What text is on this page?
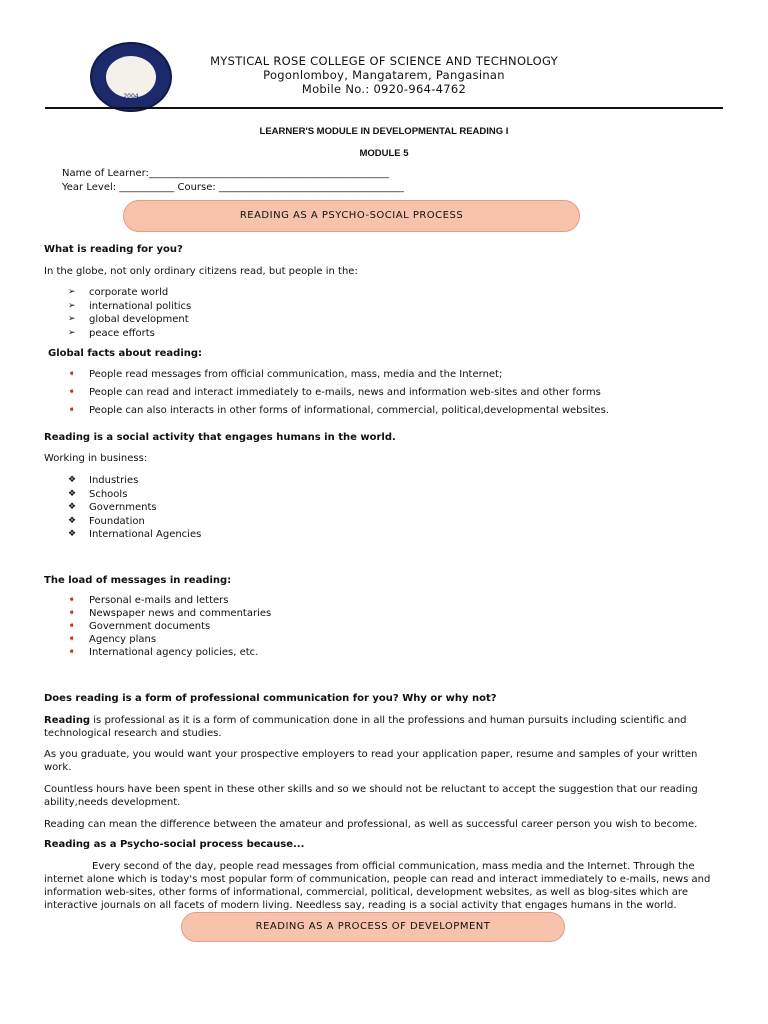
2004
MYSTICAL ROSE COLLEGE OF SCIENCE AND TECHNOLOGY
Pogonlomboy, Mangatarem, Pangasinan
Mobile No.: 0920-964-4762
LEARNER'S MODULE IN DEVELOPMENTAL READING I
MODULE 5
Name of Learner:________________________________________________
Year Level: ___________ Course: _____________________________________
READING AS A PSYCHO-SOCIAL PROCESS
What is reading for you?
In the globe, not only ordinary citizens read, but people in the:
➢ corporate world
➢ international politics
➢ global development
➢ peace efforts
Global facts about reading:
➧ People read messages from official communication, mass, media and the Internet;
➧ People can read and interact immediately to e-mails, news and information web-sites and other forms
➧ People can also interacts in other forms of informational, commercial, political,developmental websites.
Reading is a social activity that engages humans in the world.
Working in business:
❖ Industries
❖ Schools
❖ Governments
❖ Foundation
❖ International Agencies
The load of messages in reading:
➧ Personal e-mails and letters
➧ Newspaper news and commentaries
➧ Government documents
➧ Agency plans
➧ International agency policies, etc.
Does reading is a form of professional communication for you? Why or why not?
Reading is professional as it is a form of communication done in all the professions and human pursuits including scientific and technological research and studies.
As you graduate, you would want your prospective employers to read your application paper, resume and samples of your written work.
Countless hours have been spent in these other skills and so we should not be reluctant to accept the suggestion that our reading ability,needs development.
Reading can mean the difference between the amateur and professional, as well as successful career person you wish to become.
Reading as a Psycho-social process because...
Every second of the day, people read messages from official communication, mass media and the Internet. Through the internet alone which is today's most popular form of communication, people can read and interact immediately to e-mails, news and information web-sites, other forms of informational, commercial, political, development websites, as well as blog-sites which are interactive journals on all facets of modern living. Needless say, reading is a social activity that engages humans in the world.
READING AS A PROCESS OF DEVELOPMENT
